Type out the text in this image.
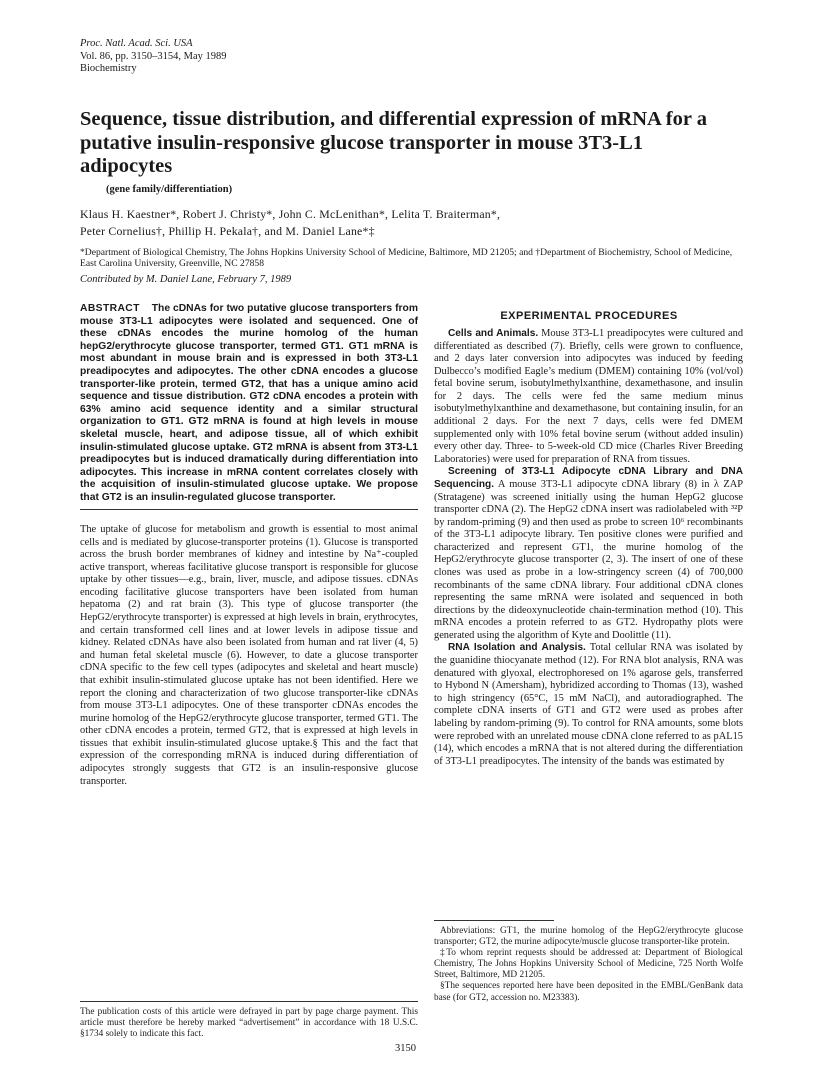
Proc. Natl. Acad. Sci. USA
Vol. 86, pp. 3150–3154, May 1989
Biochemistry
Sequence, tissue distribution, and differential expression of mRNA for a putative insulin-responsive glucose transporter in mouse 3T3-L1 adipocytes
(gene family/differentiation)
Klaus H. Kaestner*, Robert J. Christy*, John C. McLenithan*, Lelita T. Braiterman*,
Peter Cornelius†, Phillip H. Pekala†, and M. Daniel Lane*‡
*Department of Biological Chemistry, The Johns Hopkins University School of Medicine, Baltimore, MD 21205; and †Department of Biochemistry, School of Medicine, East Carolina University, Greenville, NC 27858
Contributed by M. Daniel Lane, February 7, 1989

ABSTRACT The cDNAs for two putative glucose transporters from mouse 3T3-L1 adipocytes were isolated and sequenced. One of these cDNAs encodes the murine homolog of the human hepG2/erythrocyte glucose transporter, termed GT1. GT1 mRNA is most abundant in mouse brain and is expressed in both 3T3-L1 preadipocytes and adipocytes. The other cDNA encodes a glucose transporter-like protein, termed GT2, that has a unique amino acid sequence and tissue distribution. GT2 cDNA encodes a protein with 63% amino acid sequence identity and a similar structural organization to GT1. GT2 mRNA is found at high levels in mouse skeletal muscle, heart, and adipose tissue, all of which exhibit insulin-stimulated glucose uptake. GT2 mRNA is absent from 3T3-L1 preadipocytes but is induced dramatically during differentiation into adipocytes. This increase in mRNA content correlates closely with the acquisition of insulin-stimulated glucose uptake. We propose that GT2 is an insulin-regulated glucose transporter.

The uptake of glucose for metabolism and growth is essential to most animal cells and is mediated by glucose-transporter proteins (1). Glucose is transported across the brush border membranes of kidney and intestine by Na⁺-coupled active transport, whereas facilitative glucose transport is responsible for glucose uptake by other tissues—e.g., brain, liver, muscle, and adipose tissues. cDNAs encoding facilitative glucose transporters have been isolated from human hepatoma (2) and rat brain (3). This type of glucose transporter (the HepG2/erythrocyte transporter) is expressed at high levels in brain, erythrocytes, and certain transformed cell lines and at lower levels in adipose tissue and kidney. Related cDNAs have also been isolated from human and rat liver (4, 5) and human fetal skeletal muscle (6). However, to date a glucose transporter cDNA specific to the few cell types (adipocytes and skeletal and heart muscle) that exhibit insulin-stimulated glucose uptake has not been identified. Here we report the cloning and characterization of two glucose transporter-like cDNAs from mouse 3T3-L1 adipocytes. One of these transporter cDNAs encodes the murine homolog of the HepG2/erythrocyte glucose transporter, termed GT1. The other cDNA encodes a protein, termed GT2, that is expressed at high levels in tissues that exhibit insulin-stimulated glucose uptake.§ This and the fact that expression of the corresponding mRNA is induced during differentiation of adipocytes strongly suggests that GT2 is an insulin-responsive glucose transporter.

The publication costs of this article were defrayed in part by page charge payment. This article must therefore be hereby marked “advertisement” in accordance with 18 U.S.C. §1734 solely to indicate this fact.

EXPERIMENTAL PROCEDURES

Cells and Animals. Mouse 3T3-L1 preadipocytes were cultured and differentiated as described (7). Briefly, cells were grown to confluence, and 2 days later conversion into adipocytes was induced by feeding Dulbecco’s modified Eagle’s medium (DMEM) containing 10% (vol/vol) fetal bovine serum, isobutylmethylxanthine, dexamethasone, and insulin for 2 days. The cells were fed the same medium minus isobutylmethylxanthine and dexamethasone, but containing insulin, for an additional 2 days. For the next 7 days, cells were fed DMEM supplemented only with 10% fetal bovine serum (without added insulin) every other day. Three- to 5-week-old CD mice (Charles River Breeding Laboratories) were used for preparation of RNA from tissues.

Screening of 3T3-L1 Adipocyte cDNA Library and DNA Sequencing. A mouse 3T3-L1 adipocyte cDNA library (8) in λ ZAP (Stratagene) was screened initially using the human HepG2 glucose transporter cDNA (2). The HepG2 cDNA insert was radiolabeled with ³²P by random-priming (9) and then used as probe to screen 10⁶ recombinants of the 3T3-L1 adipocyte library. Ten positive clones were purified and characterized and represent GT1, the murine homolog of the HepG2/erythrocyte glucose transporter (2, 3). The insert of one of these clones was used as probe in a low-stringency screen (4) of 700,000 recombinants of the same cDNA library. Four additional cDNA clones representing the same mRNA were isolated and sequenced in both directions by the dideoxynucleotide chain-termination method (10). This mRNA encodes a protein referred to as GT2. Hydropathy plots were generated using the algorithm of Kyte and Doolittle (11).

RNA Isolation and Analysis. Total cellular RNA was isolated by the guanidine thiocyanate method (12). For RNA blot analysis, RNA was denatured with glyoxal, electrophoresed on 1% agarose gels, transferred to Hybond N (Amersham), hybridized according to Thomas (13), washed to high stringency (65°C, 15 mM NaCl), and autoradiographed. The complete cDNA inserts of GT1 and GT2 were used as probes after labeling by random-priming (9). To control for RNA amounts, some blots were reprobed with an unrelated mouse cDNA clone referred to as pAL15 (14), which encodes a mRNA that is not altered during the differentiation of 3T3-L1 preadipocytes. The intensity of the bands was estimated by

Abbreviations: GT1, the murine homolog of the HepG2/erythrocyte glucose transporter; GT2, the murine adipocyte/muscle glucose transporter-like protein.

‡To whom reprint requests should be addressed at: Department of Biological Chemistry, The Johns Hopkins University School of Medicine, 725 North Wolfe Street, Baltimore, MD 21205.

§The sequences reported here have been deposited in the EMBL/GenBank data base (for GT2, accession no. M23383).

3150
